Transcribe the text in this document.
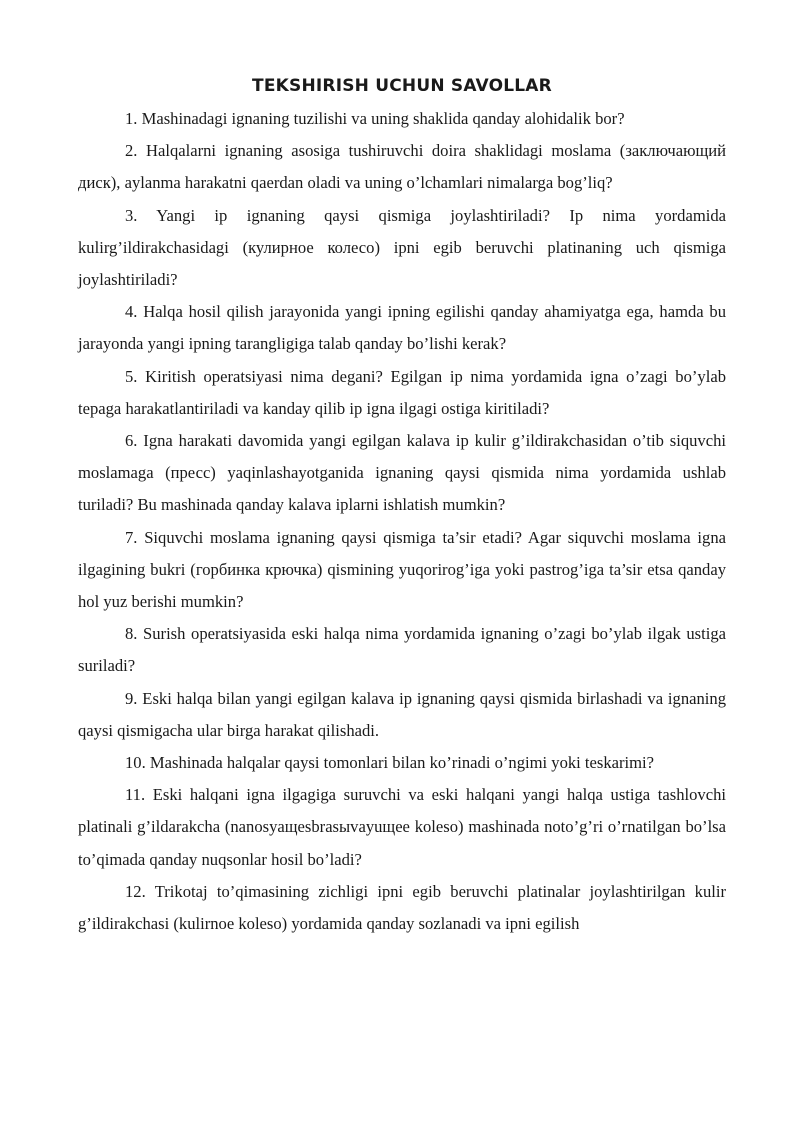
TEKSHIRISH UCHUN SAVOLLAR

1. Mashinadagi ignaning tuzilishi va uning shaklida qanday alohidalik bor?

2. Halqalarni ignaning asosiga tushiruvchi doira shaklidagi moslama (заключающий диск), aylanma harakatni qaerdan oladi va uning o’lchamlari nimalarga bog’liq?

3. Yangi ip ignaning qaysi qismiga joylashtiriladi? Ip nima yordamida kulirg’ildirakchasidagi (кулирное колесо) ipni egib beruvchi platinaning uch qismiga joylashtiriladi?

4. Halqa hosil qilish jarayonida yangi ipning egilishi qanday ahamiyatga ega, hamda bu jarayonda yangi ipning tarangligiga talab qanday bo’lishi kerak?

5. Kiritish operatsiyasi nima degani? Egilgan ip nima yordamida igna o’zagi bo’ylab tepaga harakatlantiriladi va kanday qilib ip igna ilgagi ostiga kiritiladi?

6. Igna harakati davomida yangi egilgan kalava ip kulir g’ildirakchasidan o’tib siquvchi moslamaga (пресс) yaqinlashayotganida ignaning qaysi qismida nima yordamida ushlab turiladi? Bu mashinada qanday kalava iplarni ishlatish mumkin?

7. Siquvchi moslama ignaning qaysi qismiga ta’sir etadi? Agar siquvchi moslama igna ilgagining bukri (горбинка крючка) qismining yuqorirog’iga yoki pastrog’iga ta’sir etsa qanday hol yuz berishi mumkin?

8. Surish operatsiyasida eski halqa nima yordamida ignaning o’zagi bo’ylab ilgak ustiga suriladi?

9. Eski halqa bilan yangi egilgan kalava ip ignaning qaysi qismida birlashadi va ignaning qaysi qismigacha ular birga harakat qilishadi.

10. Mashinada halqalar qaysi tomonlari bilan ko’rinadi o’ngimi yoki teskarimi?

11. Eski halqani igna ilgagiga suruvchi va eski halqani yangi halqa ustiga tashlovchi platinali g’ildarakcha (nanosyaщesbrasыvayuщee koleso) mashinada noto’g’ri o’rnatilgan bo’lsa to’qimada qanday nuqsonlar hosil bo’ladi?

12. Trikotaj to’qimasining zichligi ipni egib beruvchi platinalar joylashtirilgan kulir g’ildirakchasi (kulirnoe koleso) yordamida qanday sozlanadi va ipni egilish
